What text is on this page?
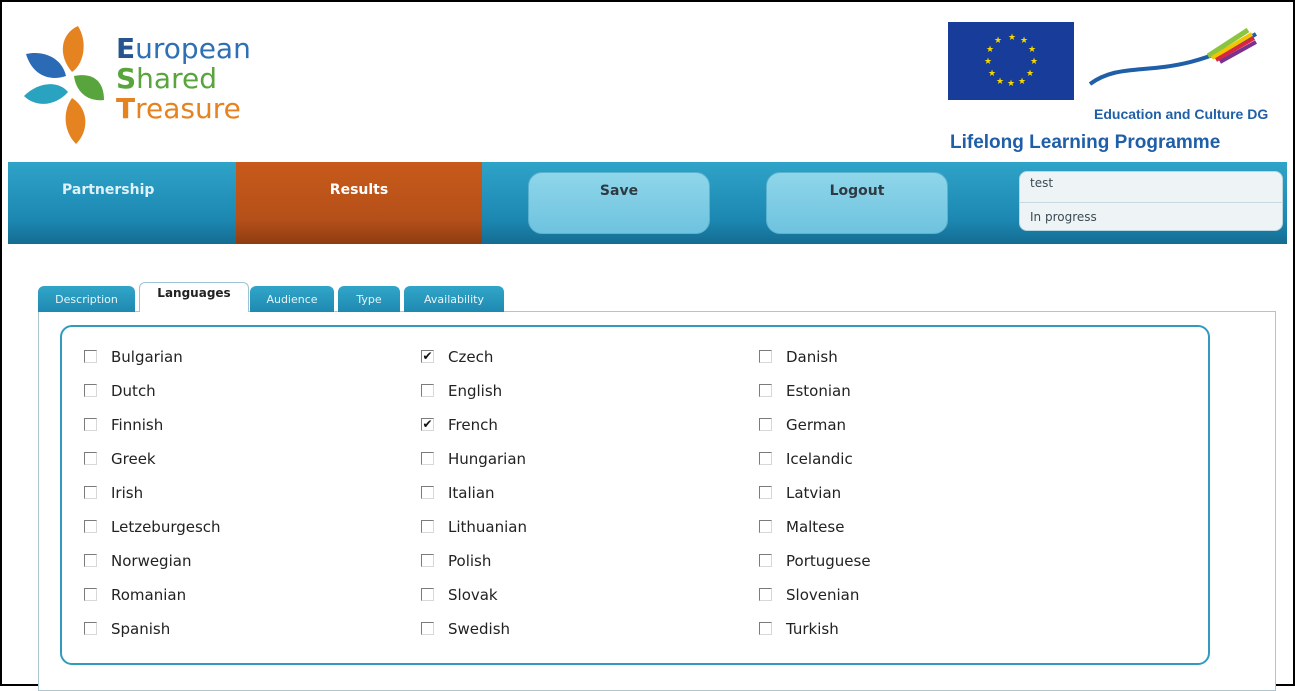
European
Shared
Treasure
★ ★
★
★
★
★
★
★
★
★
★
★
Education and Culture DG
Lifelong Learning Programme
Partnership	Results	Save	Logout	test
In progress
Description	Languages	Audience	Type	Availability
Bulgarian	✔ Czech	Danish
Dutch	English	Estonian
Finnish	✔ French	German
Greek	Hungarian	Icelandic
Irish	Italian	Latvian
Letzeburgesch	Lithuanian	Maltese
Norwegian	Polish	Portuguese
Romanian	Slovak	Slovenian
Spanish	Swedish	Turkish
